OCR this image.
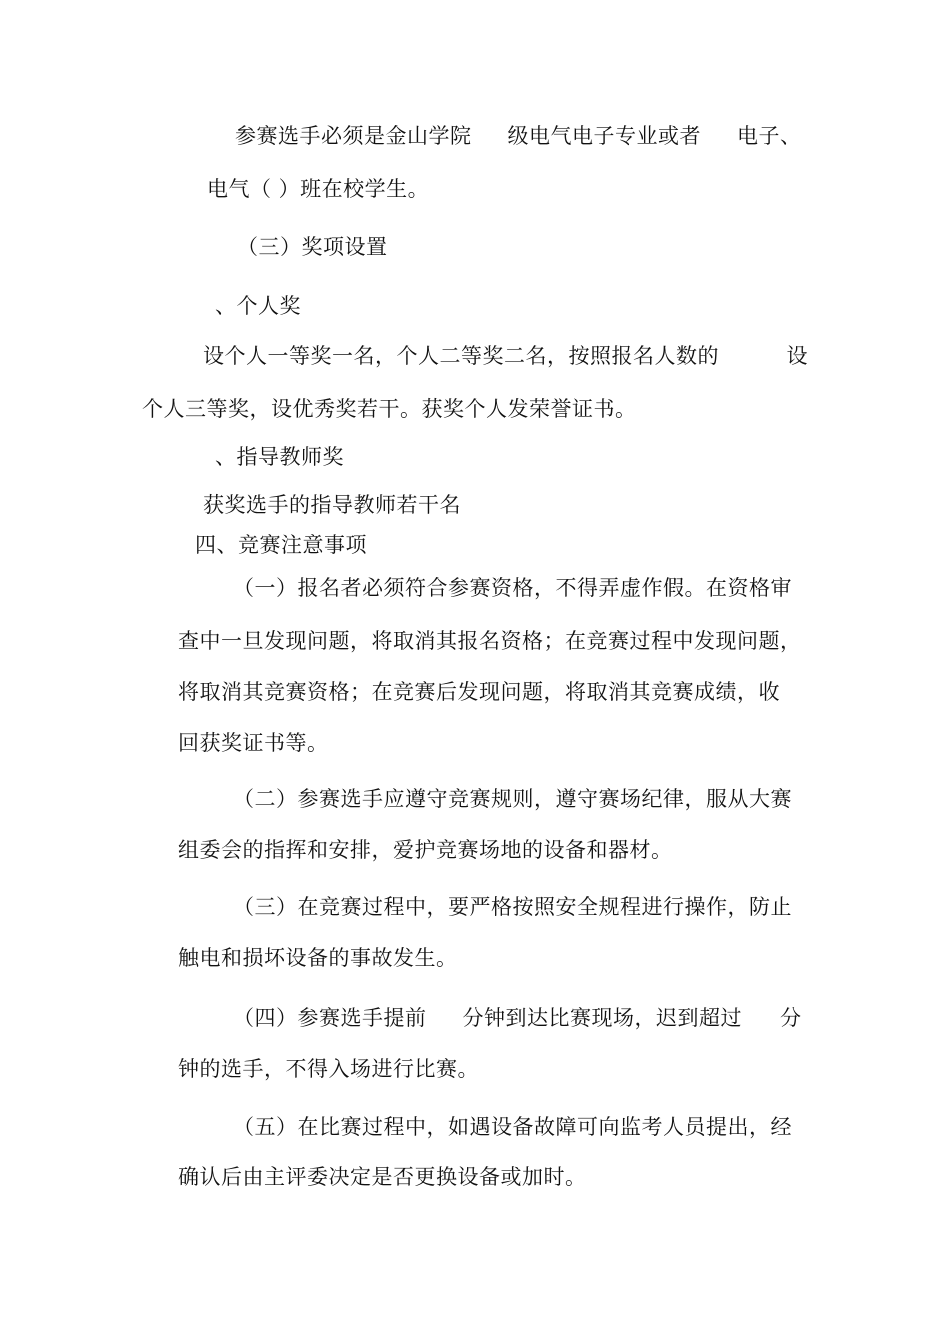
参赛选手必须是金山学院 级电气电子专业或者 电子、
电气（ ）班在校学生。
（三）奖项设置
、个人奖
设个人一等奖一名，个人二等奖二名，按照报名人数的	设
个人三等奖，设优秀奖若干。获奖个人发荣誉证书。
、指导教师奖
获奖选手的指导教师若干名
四、竞赛注意事项
（一）报名者必须符合参赛资格，不得弄虚作假。在资格审
查中一旦发现问题，将取消其报名资格；在竞赛过程中发现问题，
将取消其竞赛资格；在竞赛后发现问题，将取消其竞赛成绩，收
回获奖证书等。
（二）参赛选手应遵守竞赛规则，遵守赛场纪律，服从大赛
组委会的指挥和安排，爱护竞赛场地的设备和器材。
（三）在竞赛过程中，要严格按照安全规程进行操作，防止
触电和损坏设备的事故发生。
（四）参赛选手提前 分钟到达比赛现场，迟到超过 分
钟的选手，不得入场进行比赛。
（五）在比赛过程中，如遇设备故障可向监考人员提出，经
确认后由主评委决定是否更换设备或加时。
